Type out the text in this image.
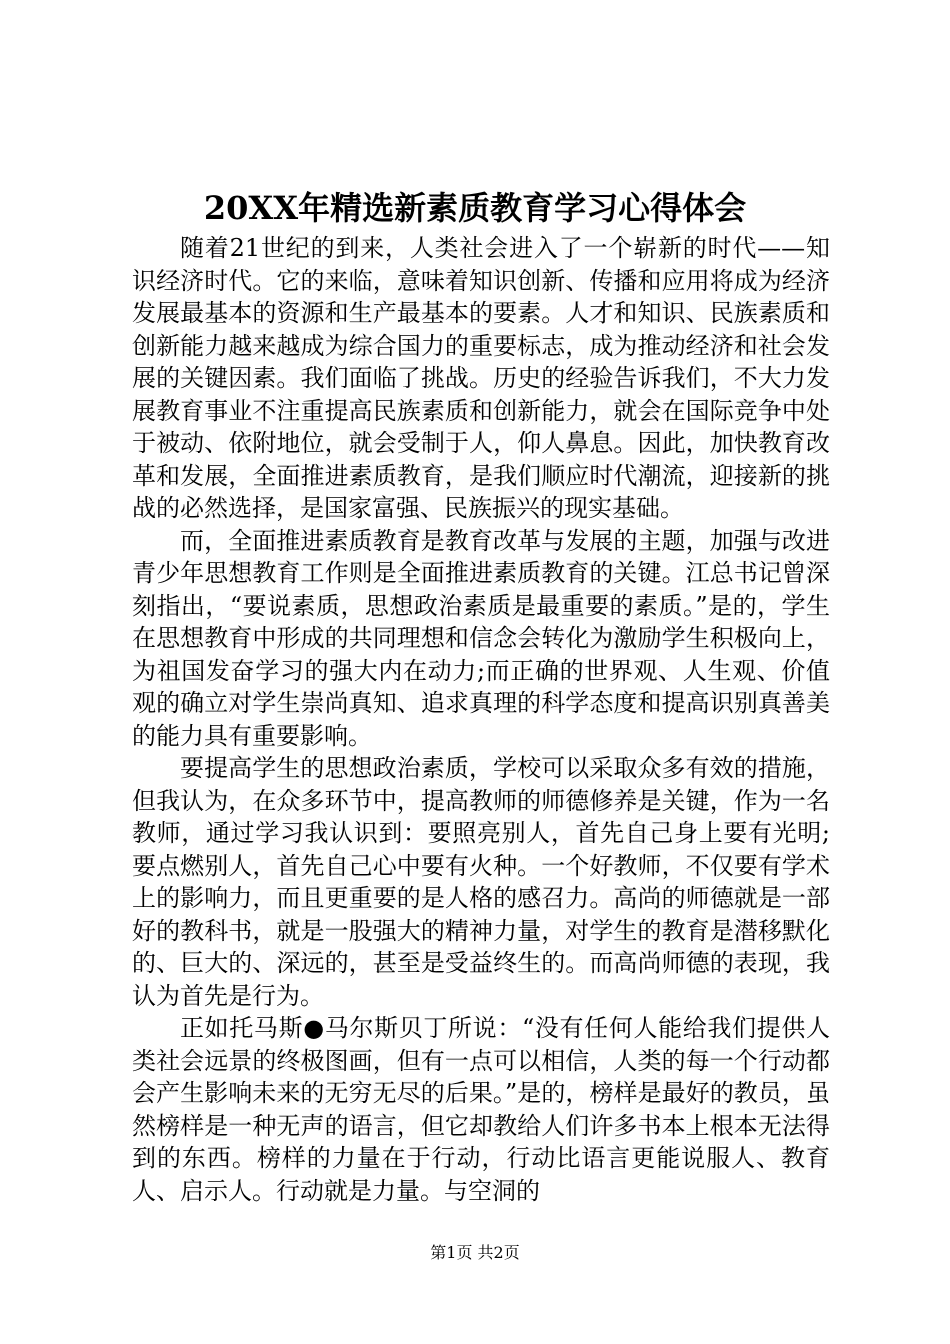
20XX年精选新素质教育学习心得体会

随着21世纪的到来，人类社会进入了一个崭新的时代——知识经济时代。它的来临，意味着知识创新、传播和应用将成为经济发展最基本的资源和生产最基本的要素。人才和知识、民族素质和创新能力越来越成为综合国力的重要标志，成为推动经济和社会发展的关键因素。我们面临了挑战。历史的经验告诉我们，不大力发展教育事业不注重提高民族素质和创新能力，就会在国际竞争中处于被动、依附地位，就会受制于人，仰人鼻息。因此，加快教育改革和发展，全面推进素质教育，是我们顺应时代潮流，迎接新的挑战的必然选择，是国家富强、民族振兴的现实基础。

而，全面推进素质教育是教育改革与发展的主题，加强与改进青少年思想教育工作则是全面推进素质教育的关键。江总书记曾深刻指出，“要说素质，思想政治素质是最重要的素质。”是的，学生在思想教育中形成的共同理想和信念会转化为激励学生积极向上，为祖国发奋学习的强大内在动力;而正确的世界观、人生观、价值观的确立对学生崇尚真知、追求真理的科学态度和提高识别真善美的能力具有重要影响。

要提高学生的思想政治素质，学校可以采取众多有效的措施，但我认为，在众多环节中，提高教师的师德修养是关键，作为一名教师，通过学习我认识到：要照亮别人，首先自己身上要有光明;要点燃别人，首先自己心中要有火种。一个好教师，不仅要有学术上的影响力，而且更重要的是人格的感召力。高尚的师德就是一部好的教科书，就是一股强大的精神力量，对学生的教育是潜移默化的、巨大的、深远的，甚至是受益终生的。而高尚师德的表现，我认为首先是行为。

正如托马斯●马尔斯贝丁所说：“没有任何人能给我们提供人类社会远景的终极图画，但有一点可以相信，人类的每一个行动都会产生影响未来的无穷无尽的后果。”是的，榜样是最好的教员，虽然榜样是一种无声的语言，但它却教给人们许多书本上根本无法得到的东西。榜样的力量在于行动，行动比语言更能说服人、教育人、启示人。行动就是力量。与空洞的

第1页 共2页
